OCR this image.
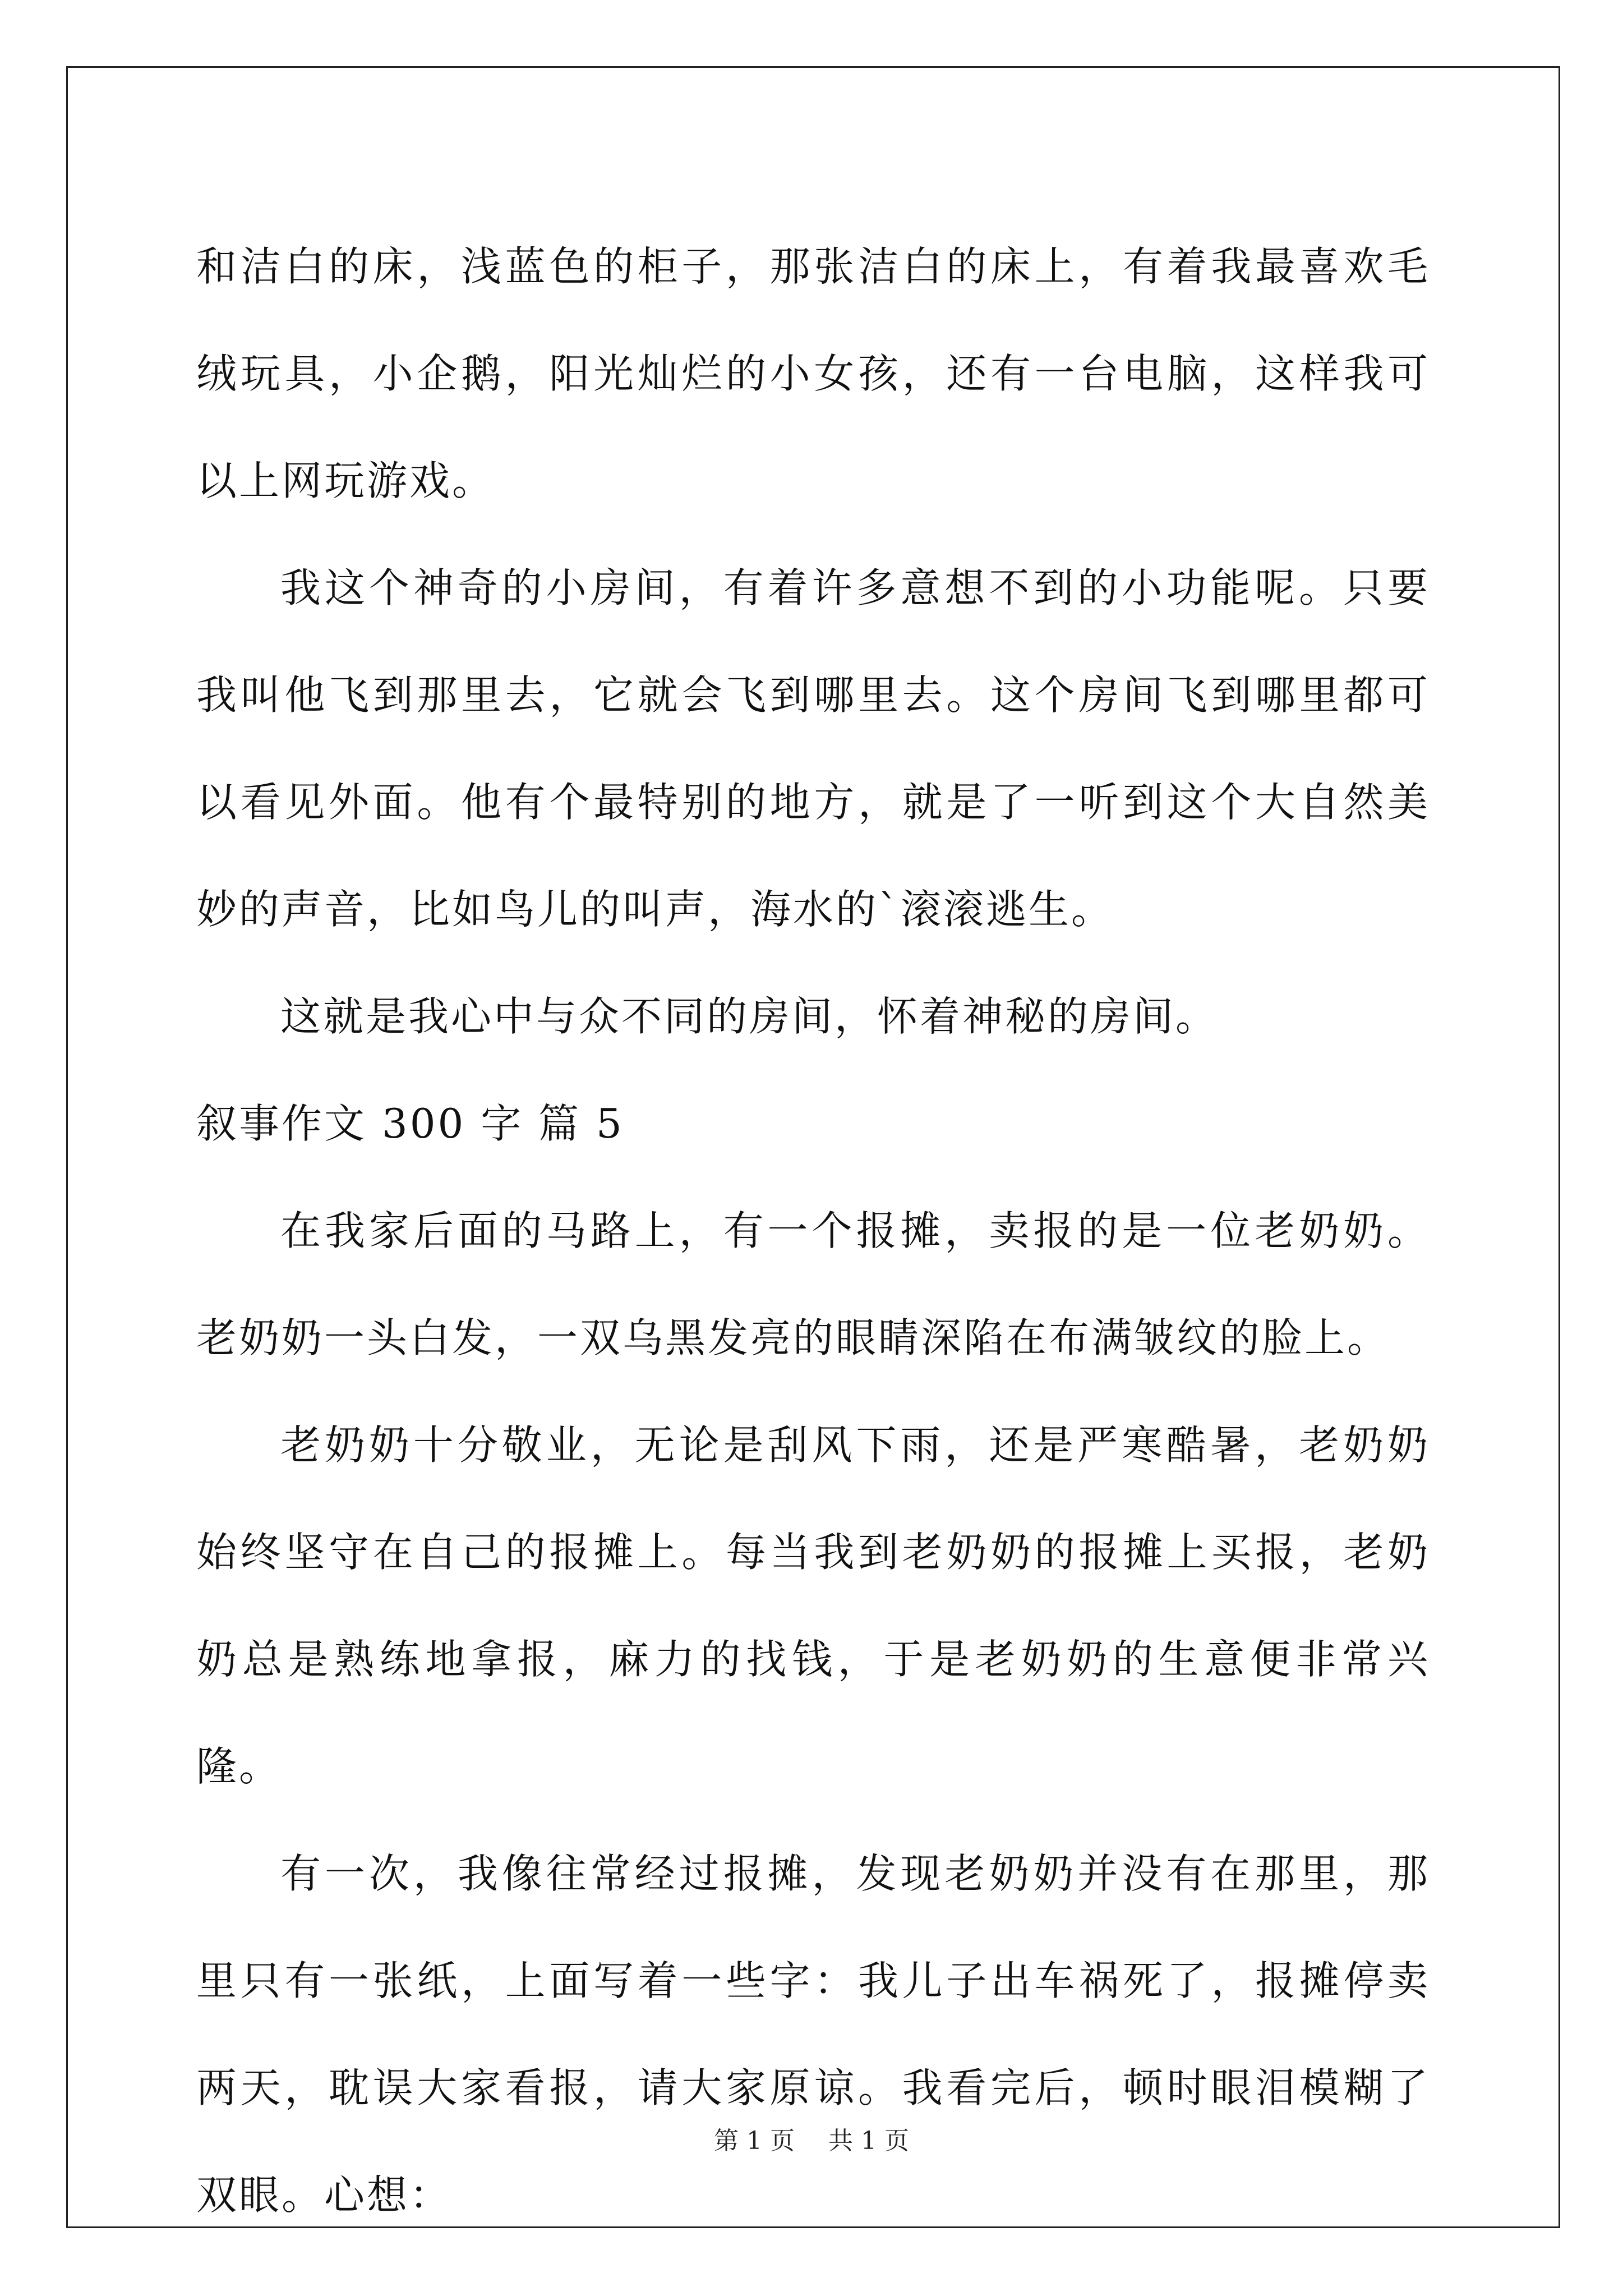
和洁白的床，浅蓝色的柜子，那张洁白的床上，有着我最喜欢毛绒玩具，小企鹅，阳光灿烂的小女孩，还有一台电脑，这样我可以上网玩游戏。

我这个神奇的小房间，有着许多意想不到的小功能呢。只要我叫他飞到那里去，它就会飞到哪里去。这个房间飞到哪里都可以看见外面。他有个最特别的地方，就是了一听到这个大自然美妙的声音，比如鸟儿的叫声，海水的`滚滚逃生。

这就是我心中与众不同的房间，怀着神秘的房间。

叙事作文 300 字 篇 5

在我家后面的马路上，有一个报摊，卖报的是一位老奶奶。老奶奶一头白发，一双乌黑发亮的眼睛深陷在布满皱纹的脸上。

老奶奶十分敬业，无论是刮风下雨，还是严寒酷暑，老奶奶始终坚守在自己的报摊上。每当我到老奶奶的报摊上买报，老奶奶总是熟练地拿报，麻力的找钱，于是老奶奶的生意便非常兴隆。

有一次，我像往常经过报摊，发现老奶奶并没有在那里，那里只有一张纸，上面写着一些字：我儿子出车祸死了，报摊停卖两天，耽误大家看报，请大家原谅。我看完后，顿时眼泪模糊了双眼。心想：

第 1 页 共 1 页
